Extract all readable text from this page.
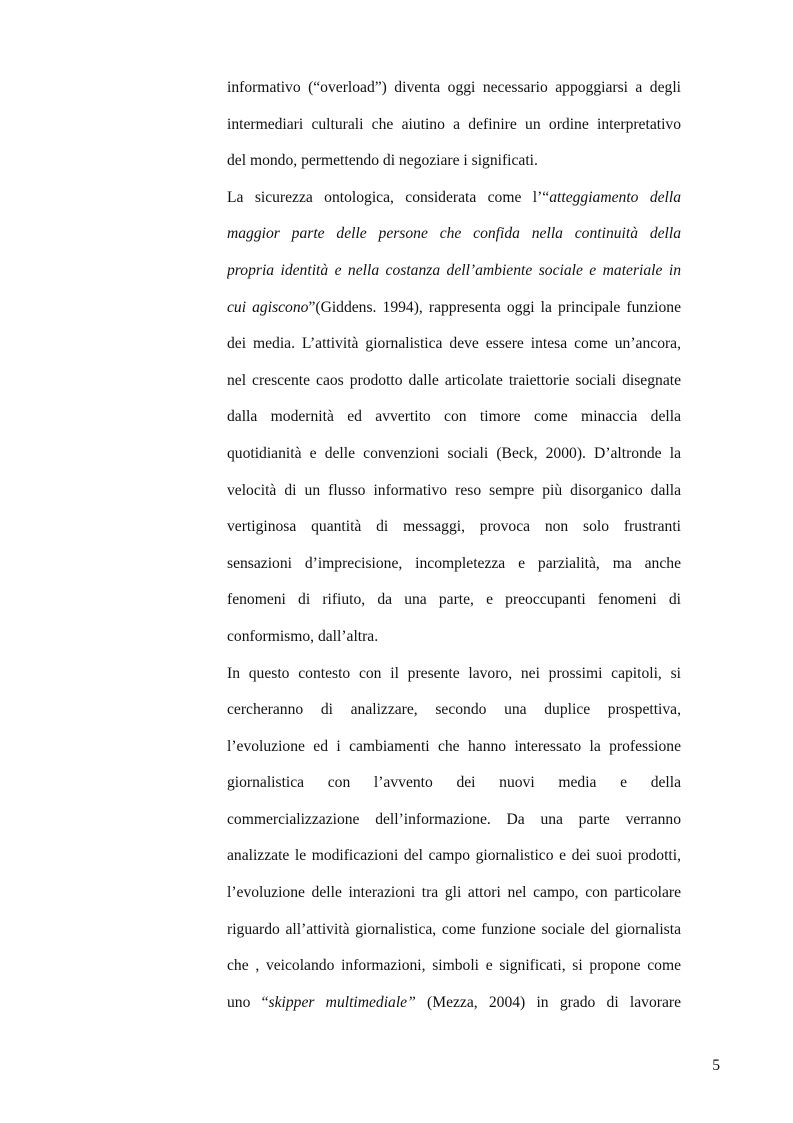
informativo (“overload”) diventa oggi necessario appoggiarsi a degli
intermediari culturali che aiutino a definire un ordine interpretativo
del mondo, permettendo di negoziare i significati.
La sicurezza ontologica, considerata come l’“atteggiamento della
maggior parte delle persone che confida nella continuità della
propria identità e nella costanza dell’ambiente sociale e materiale in
cui agiscono”(Giddens. 1994), rappresenta oggi la principale funzione
dei media. L’attività giornalistica deve essere intesa come un’ancora,
nel crescente caos prodotto dalle articolate traiettorie sociali disegnate
dalla modernità ed avvertito con timore come minaccia della
quotidianità e delle convenzioni sociali (Beck, 2000). D’altronde la
velocità di un flusso informativo reso sempre più disorganico dalla
vertiginosa quantità di messaggi, provoca non solo frustranti
sensazioni d’imprecisione, incompletezza e parzialità, ma anche
fenomeni di rifiuto, da una parte, e preoccupanti fenomeni di
conformismo, dall’altra.
In questo contesto con il presente lavoro, nei prossimi capitoli, si
cercheranno di analizzare, secondo una duplice prospettiva,
l’evoluzione ed i cambiamenti che hanno interessato la professione
giornalistica con l’avvento dei nuovi media e della
commercializzazione dell’informazione. Da una parte verranno
analizzate le modificazioni del campo giornalistico e dei suoi prodotti,
l’evoluzione delle interazioni tra gli attori nel campo, con particolare
riguardo all’attività giornalistica, come funzione sociale del giornalista
che , veicolando informazioni, simboli e significati, si propone come
uno “skipper multimediale” (Mezza, 2004) in grado di lavorare
5
